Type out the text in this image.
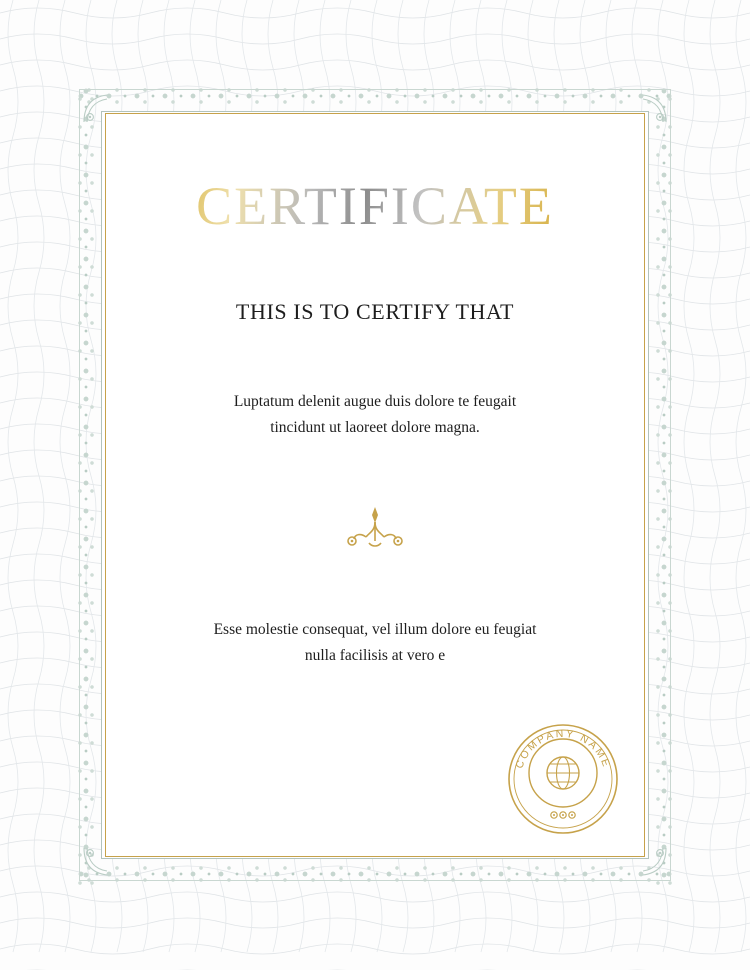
CERTIFICATE
THIS IS TO CERTIFY THAT
Luptatum delenit augue duis dolore te feugait
tincidunt ut laoreet dolore magna.
Esse molestie consequat, vel illum dolore eu feugiat
nulla facilisis at vero e
COMPANY NAME
